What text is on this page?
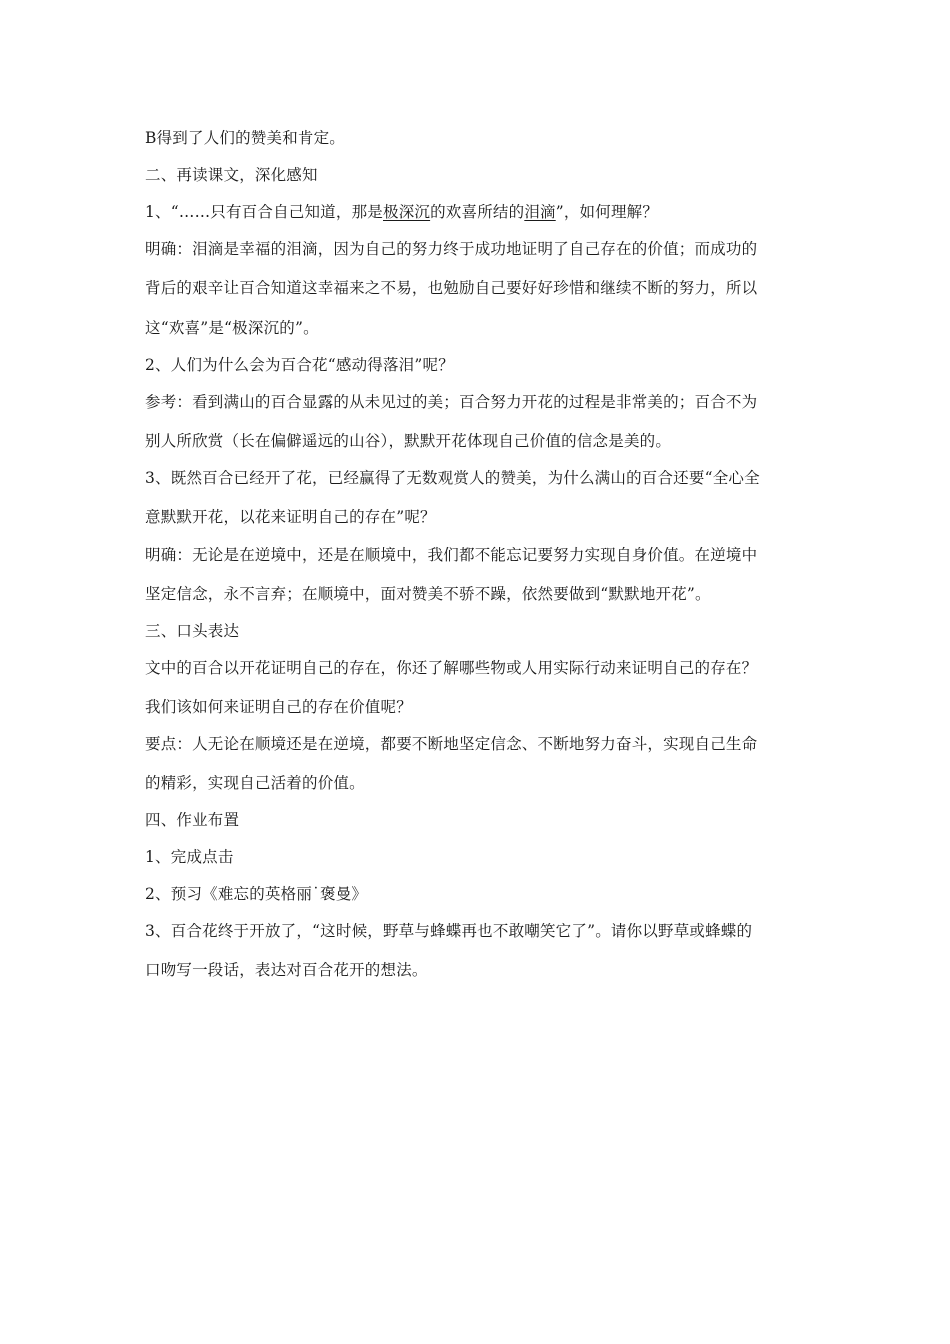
B得到了人们的赞美和肯定。
二、再读课文，深化感知
1、“……只有百合自己知道，那是极深沉的欢喜所结的泪滴”，如何理解？
明确：泪滴是幸福的泪滴，因为自己的努力终于成功地证明了自己存在的价值；而成功的
背后的艰辛让百合知道这幸福来之不易，也勉励自己要好好珍惜和继续不断的努力，所以
这“欢喜”是“极深沉的”。
2、人们为什么会为百合花“感动得落泪”呢？
参考：看到满山的百合显露的从未见过的美；百合努力开花的过程是非常美的；百合不为
别人所欣赏（长在偏僻遥远的山谷），默默开花体现自己价值的信念是美的。
3、既然百合已经开了花，已经赢得了无数观赏人的赞美，为什么满山的百合还要“全心全
意默默开花，以花来证明自己的存在”呢？
明确：无论是在逆境中，还是在顺境中，我们都不能忘记要努力实现自身价值。在逆境中
坚定信念，永不言弃；在顺境中，面对赞美不骄不躁，依然要做到“默默地开花”。
三、口头表达
文中的百合以开花证明自己的存在，你还了解哪些物或人用实际行动来证明自己的存在？
我们该如何来证明自己的存在价值呢？
要点：人无论在顺境还是在逆境，都要不断地坚定信念、不断地努力奋斗，实现自己生命
的精彩，实现自己活着的价值。
四、作业布置
1、完成点击
2、预习《难忘的英格丽˙褒曼》
3、百合花终于开放了，“这时候，野草与蜂蝶再也不敢嘲笑它了”。请你以野草或蜂蝶的
口吻写一段话，表达对百合花开的想法。
